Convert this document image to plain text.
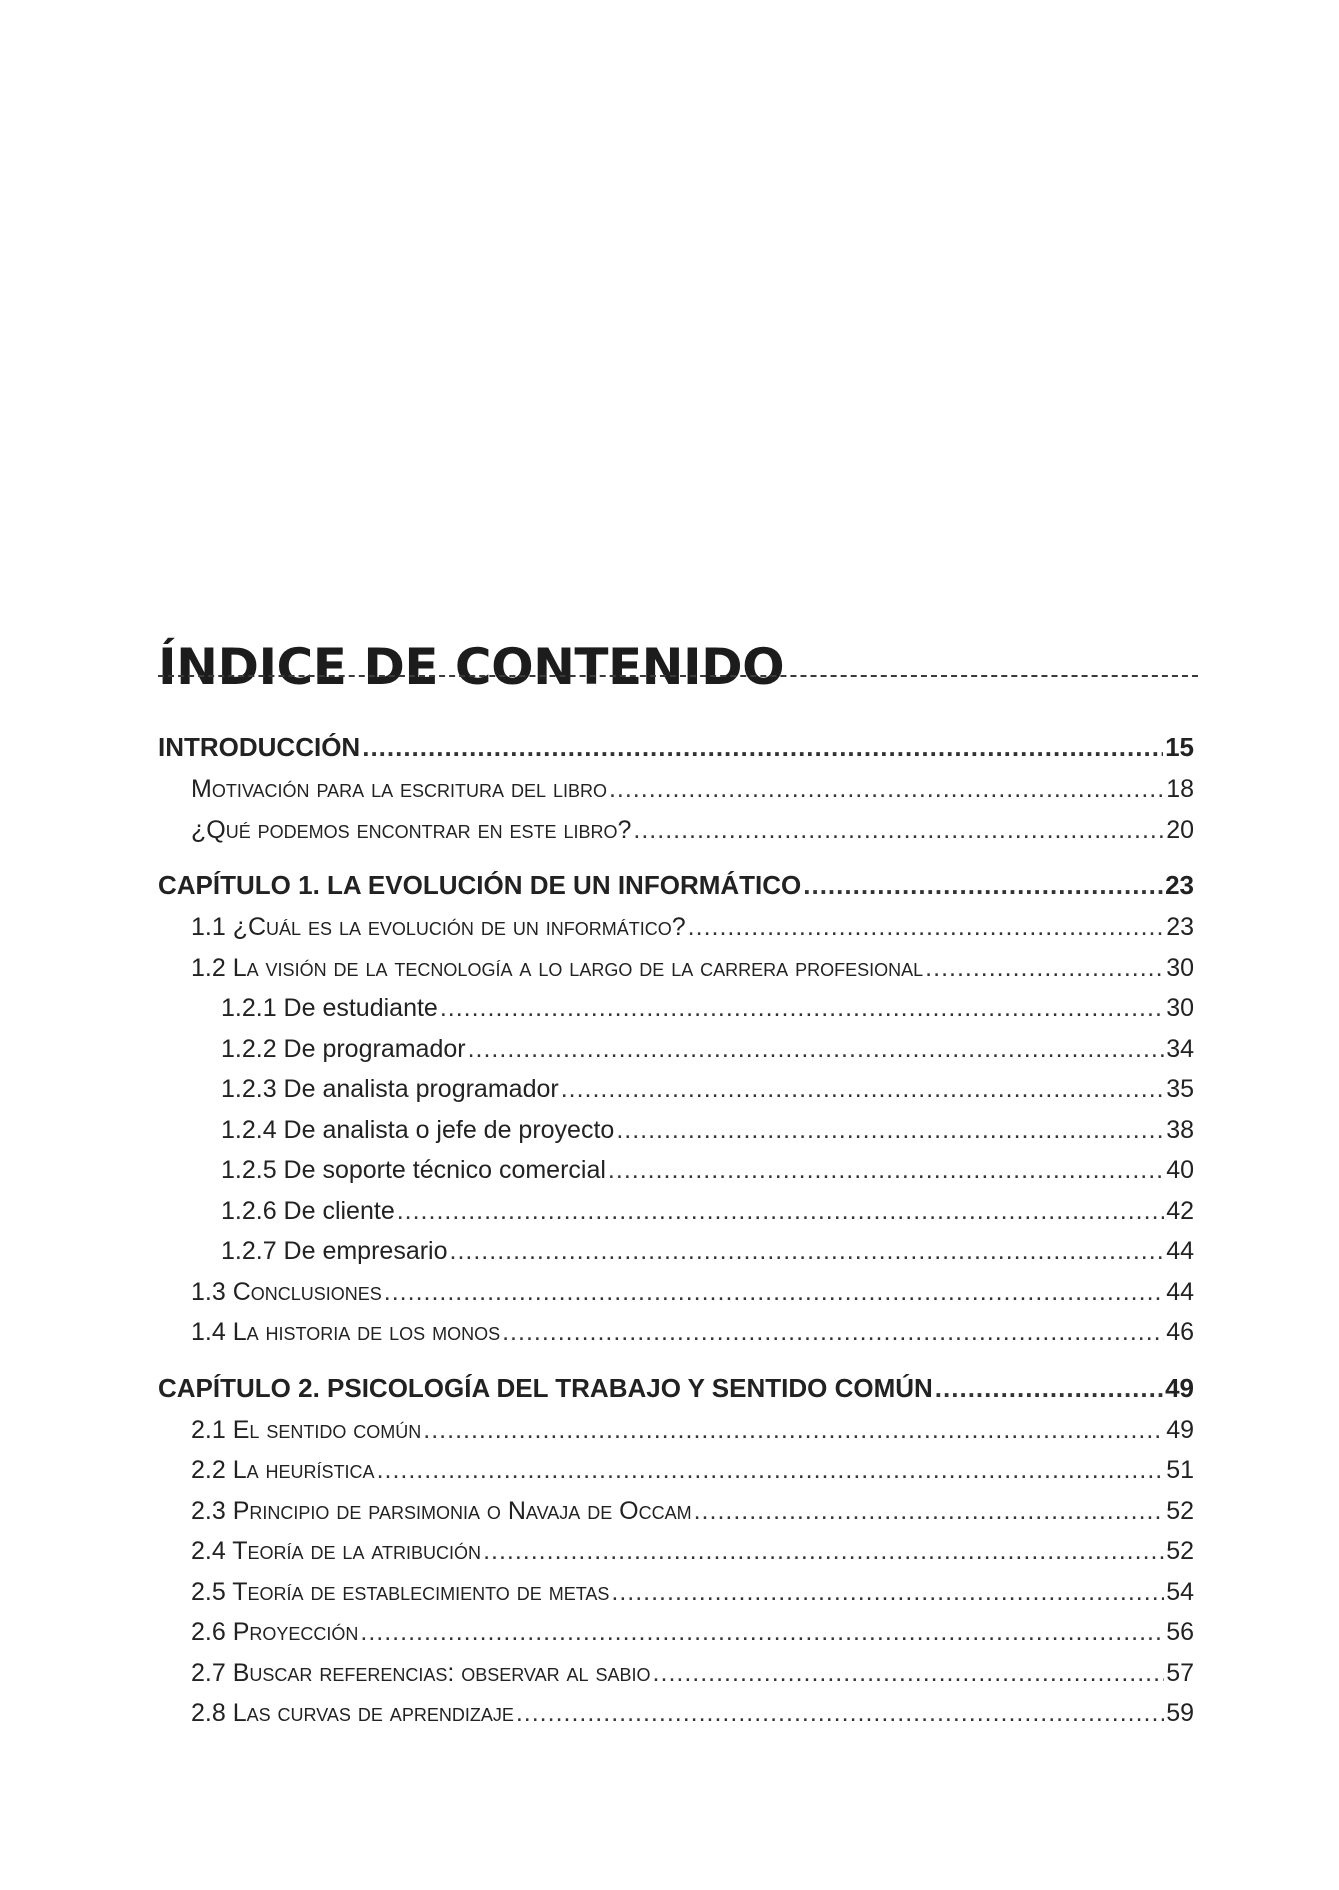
ÍNDICE DE CONTENIDO
INTRODUCCIÓN .....	15
Motivación para la escritura del libro .....	18
¿Qué podemos encontrar en este libro? .....	20
CAPÍTULO 1. LA EVOLUCIÓN DE UN INFORMÁTICO .....	23
1.1 ¿Cuál es la evolución de un informático? .....	23
1.2 La visión de la tecnología a lo largo de la carrera profesional .....	30
1.2.1 De estudiante .....	30
1.2.2 De programador .....	34
1.2.3 De analista programador .....	35
1.2.4 De analista o jefe de proyecto .....	38
1.2.5 De soporte técnico comercial .....	40
1.2.6 De cliente .....	42
1.2.7 De empresario .....	44
1.3 Conclusiones .....	44
1.4 La historia de los monos .....	46
CAPÍTULO 2. PSICOLOGÍA DEL TRABAJO Y SENTIDO COMÚN .....	49
2.1 El sentido común .....	49
2.2 La heurística .....	51
2.3 Principio de parsimonia o Navaja de Occam .....	52
2.4 Teoría de la atribución .....	52
2.5 Teoría de establecimiento de metas .....	54
2.6 Proyección .....	56
2.7 Buscar referencias: observar al sabio .....	57
2.8 Las curvas de aprendizaje .....	59
